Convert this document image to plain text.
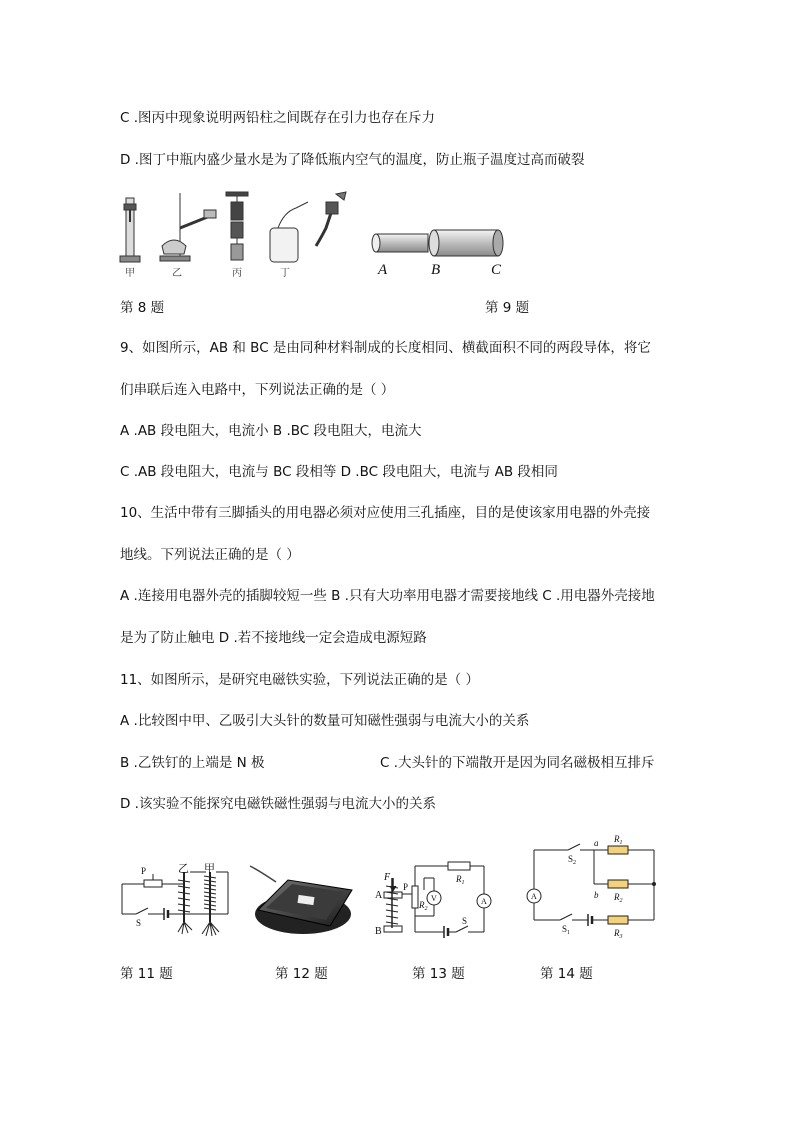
C .图丙中现象说明两铅柱之间既存在引力也存在斥力
D .图丁中瓶内盛少量水是为了降低瓶内空气的温度，防止瓶子温度过高而破裂
甲	乙	丙	丁	A	B	C
第 8 题	第 9 题
9、如图所示，AB 和 BC 是由同种材料制成的长度相同、横截面积不同的两段导体，将它
们串联后连入电路中，下列说法正确的是（ ）
A .AB 段电阻大，电流小 B .BC 段电阻大，电流大
C .AB 段电阻大，电流与 BC 段相等 D .BC 段电阻大，电流与 AB 段相同
10、生活中带有三脚插头的用电器必须对应使用三孔插座，目的是使该家用电器的外壳接
地线。下列说法正确的是（ ）
A .连接用电器外壳的插脚较短一些 B .只有大功率用电器才需要接地线 C .用电器外壳接地
是为了防止触电 D .若不接地线一定会造成电源短路
11、如图所示，是研究电磁铁实验，下列说法正确的是（ ）
A .比较图中甲、乙吸引大头针的数量可知磁性强弱与电流大小的关系
B .乙铁钉的上端是 N 极	C .大头针的下端散开是因为同名磁极相互排斥
D .该实验不能探究电磁铁磁性强弱与电流大小的关系
P	乙 甲
S
F
P
A
B
$R_1$
$R_2$
V	A
S
A
$S_2$
$S_1$
a
b
$R_1$
$R_2$
$R_3$
第 11 题	第 12 题	第 13 题	第 14 题
